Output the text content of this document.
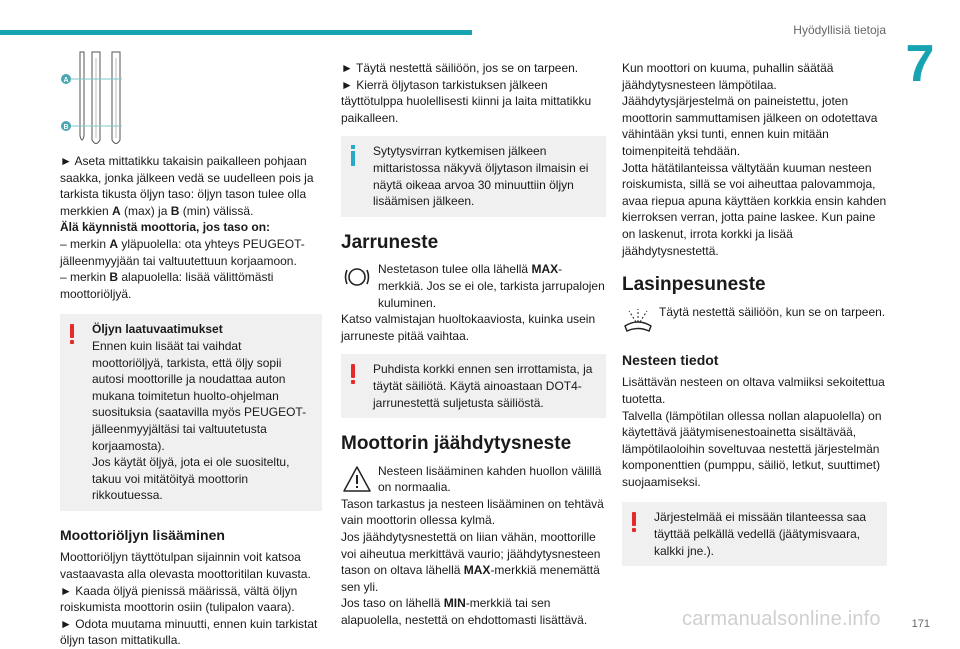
Hyödyllisiä tietoja
7
A
B

► Aseta mittatikku takaisin paikalleen pohjaan saakka, jonka jälkeen vedä se uudelleen pois ja tarkista tikusta öljyn taso: öljyn tason tulee olla merkkien A (max) ja B (min) välissä.

Älä käynnistä moottoria, jos taso on:

– merkin A yläpuolella: ota yhteys PEUGEOT-jälleenmyyjään tai valtuutettuun korjaamoon.

– merkin B alapuolella: lisää välittömästi moottoriöljyä.

Öljyn laatuvaatimukset

Ennen kuin lisäät tai vaihdat moottoriöljyä, tarkista, että öljy sopii autosi moottorille ja noudattaa auton mukana toimitetun huolto-ohjelman suosituksia (saatavilla myös PEUGEOT-jälleenmyyjältäsi tai valtuutetusta korjaamosta).

Jos käytät öljyä, jota ei ole suositeltu, takuu voi mitätöityä moottorin rikkoutuessa.

Moottoriöljyn lisääminen

Moottoriöljyn täyttötulpan sijainnin voit katsoa vastaavasta alla olevasta moottoritilan kuvasta.

► Kaada öljyä pienissä määrissä, vältä öljyn roiskumista moottorin osiin (tulipalon vaara).

► Odota muutama minuutti, ennen kuin tarkistat öljyn tason mittatikulla.

► Täytä nestettä säiliöön, jos se on tarpeen.

► Kierrä öljytason tarkistuksen jälkeen täyttötulppa huolellisesti kiinni ja laita mittatikku paikalleen.

Sytytysvirran kytkemisen jälkeen mittaristossa näkyvä öljytason ilmaisin ei näytä oikeaa arvoa 30 minuuttiin öljyn lisäämisen jälkeen.

Jarruneste

Nestetason tulee olla lähellä MAX-merkkiä. Jos se ei ole, tarkista jarrupalojen kuluminen.

Katso valmistajan huoltokaaviosta, kuinka usein jarruneste pitää vaihtaa.

Puhdista korkki ennen sen irrottamista, ja täytät säiliötä. Käytä ainoastaan DOT4-jarrunestettä suljetusta säiliöstä.

Moottorin jäähdytysneste

Nesteen lisääminen kahden huollon välillä on normaalia.

Tason tarkastus ja nesteen lisääminen on tehtävä vain moottorin ollessa kylmä.

Jos jäähdytysnestettä on liian vähän, moottorille voi aiheutua merkittävä vaurio; jäähdytysnesteen tason on oltava lähellä MAX-merkkiä menemättä sen yli.

Jos taso on lähellä MIN-merkkiä tai sen alapuolella, nestettä on ehdottomasti lisättävä.

Kun moottori on kuuma, puhallin säätää jäähdytysnesteen lämpötilaa.

Jäähdytysjärjestelmä on paineistettu, joten moottorin sammuttamisen jälkeen on odotettava vähintään yksi tunti, ennen kuin mitään toimenpiteitä tehdään.

Jotta hätätilanteissa vältytään kuuman nesteen roiskumista, sillä se voi aiheuttaa palovammoja, avaa riepua apuna käyttäen korkkia ensin kahden kierroksen verran, jotta paine laskee. Kun paine on laskenut, irrota korkki ja lisää jäähdytysnestettä.

Lasinpesuneste

Täytä nestettä säiliöön, kun se on tarpeen.

Nesteen tiedot

Lisättävän nesteen on oltava valmiiksi sekoitettua tuotetta.

Talvella (lämpötilan ollessa nollan alapuolella) on käytettävä jäätymisenestoainetta sisältävää, lämpötilaoloihin soveltuvaa nestettä järjestelmän komponenttien (pumppu, säiliö, letkut, suuttimet) suojaamiseksi.

Järjestelmää ei missään tilanteessa saa täyttää pelkällä vedellä (jäätymisvaara, kalkki jne.).

carmanualsonline.info	171
